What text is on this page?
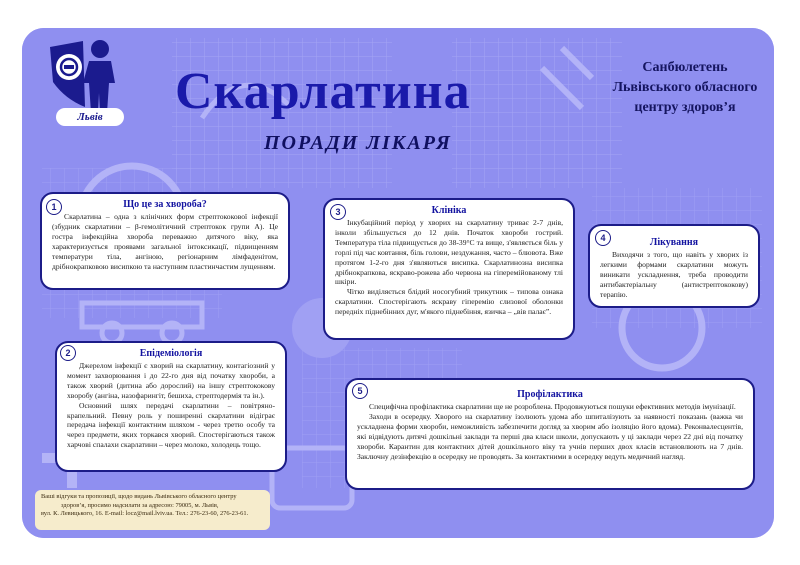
Львів	Скарлатина
ПОРАДИ ЛІКАРЯ
Санбюлетень
Львівського обласного
центру здоров’я
Що це за хвороба?

Скарлатина – одна з клінічних форм стрептококової інфекції (збудник скарлатини – β-гемолітичний стрептокок групи А). Це гостра інфекційна хвороба переважно дитячого віку, яка характеризується проявами загальної інтоксикації, підвищенням температури тіла, ангіною, регіонарним лімфаденітом, дрібнокрапковою висипкою та наступним пластинчастим лущенням.

1
Епідеміологія

Джерелом інфекції є хворий на скарлатину, контагіозний у момент захворювання і до 22-го дня від початку хвороби, а також хворий (дитина або дорослий) на іншу стрептококову хворобу (ангіна, назофарингіт, бешиха, стрептодермія та ін.).

Основний шлях передачі скарлатини – повітряно-крапельний. Певну роль у поширенні скарлатини відіграє передача інфекції контактним шляхом - через третю особу та через предмети, яких торкався хворий. Спостерігаються також харчові спалахи скарлатини – через молоко, холодець тощо.

2
Клініка

Інкубаційний період у хворих на скарлатину триває 2-7 днів, інколи збільшується до 12 днів. Початок хвороби гострий. Температура тіла підвищується до 38-39°С та вище, з'являється біль у горлі під час ковтання, біль голови, нездужання, часто – блювота. Вже протягом 1-2-го дня з'являються висипка. Скарлатинозна висипка дрібнокрапкова, яскраво-рожева або червона на гіперемійованому тлі шкіри.

Чітко виділяється блідий носогубний трикутник – типова ознака скарлатини. Спостерігають яскраву гіперемію слизової оболонки передніх піднебінних дуг, м'якого піднебіння, язичка – „вів палає”.

3
Лікування

Виходячи з того, що навіть у хворих із легкими формами скарлатини можуть виникати ускладнення, треба проводити антибактеріальну (антистрептококову) терапію.

4
Профілактика

Специфічна профілактика скарлатини ще не розроблена. Продовжуються пошуки ефективних методів імунізації.

Заходи в осередку. Хворого на скарлатину ізолюють удома або шпиталізують за наявності показань (важка чи ускладнена форми хвороби, неможливість забезпечити догляд за хворим або ізоляцію його вдома). Реконвалесцентів, які відвідують дитячі дошкільні заклади та перші два класи школи, допускають у ці заклади через 22 дні від початку хвороби. Карантин для контактних дітей дошкільного віку та учнів перших двох класів встановлюють на 7 днів. Заключну дезінфекцію в осередку не проводять. За контактними в осередку ведуть медичний нагляд.

5
Ваші відгуки та пропозиції, щодо видань Львівського обласного центру
здоров’я, просимо надсилати за адресою: 79005, м. Львів,
вул. К. Левицького, 16. E-mail: locz@mail.lviv.ua. Тел.: 276-23-60, 276-23-61.
